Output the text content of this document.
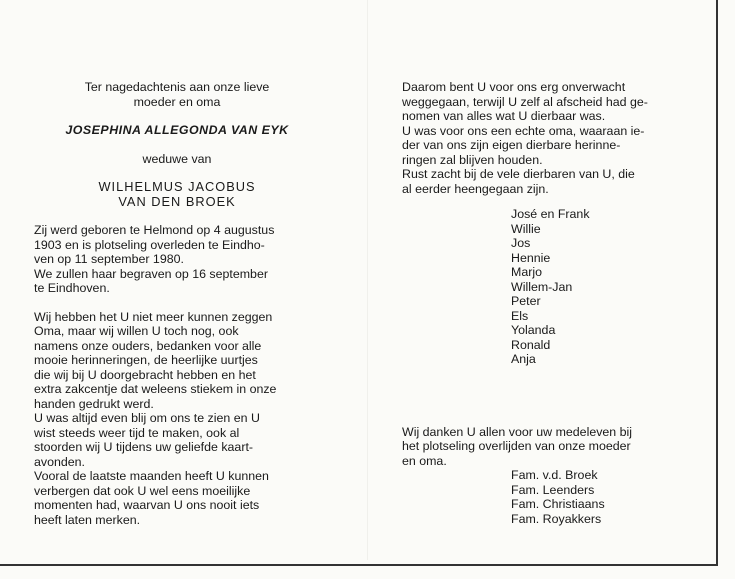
Ter nagedachtenis aan onze lieve
moeder en oma
JOSEPHINA ALLEGONDA VAN EYK
weduwe van
WILHELMUS JACOBUS
VAN DEN BROEK
Zij werd geboren te Helmond op 4 augustus
1903 en is plotseling overleden te Eindho-
ven op 11 september 1980.
We zullen haar begraven op 16 september
te Eindhoven.
Wij hebben het U niet meer kunnen zeggen
Oma, maar wij willen U toch nog, ook
namens onze ouders, bedanken voor alle
mooie herinneringen, de heerlijke uurtjes
die wij bij U doorgebracht hebben en het
extra zakcentje dat weleens stiekem in onze
handen gedrukt werd.
U was altijd even blij om ons te zien en U
wist steeds weer tijd te maken, ook al
stoorden wij U tijdens uw geliefde kaart-
avonden.
Vooral de laatste maanden heeft U kunnen
verbergen dat ook U wel eens moeilijke
momenten had, waarvan U ons nooit iets
heeft laten merken.
Daarom bent U voor ons erg onverwacht
weggegaan, terwijl U zelf al afscheid had ge-
nomen van alles wat U dierbaar was.
U was voor ons een echte oma, waaraan ie-
der van ons zijn eigen dierbare herinne-
ringen zal blijven houden.
Rust zacht bij de vele dierbaren van U, die
al eerder heengegaan zijn.
José en Frank
Willie
Jos
Hennie
Marjo
Willem-Jan
Peter
Els
Yolanda
Ronald
Anja
Wij danken U allen voor uw medeleven bij
het plotseling overlijden van onze moeder
en oma.
Fam. v.d. Broek
Fam. Leenders
Fam. Christiaans
Fam. Royakkers
